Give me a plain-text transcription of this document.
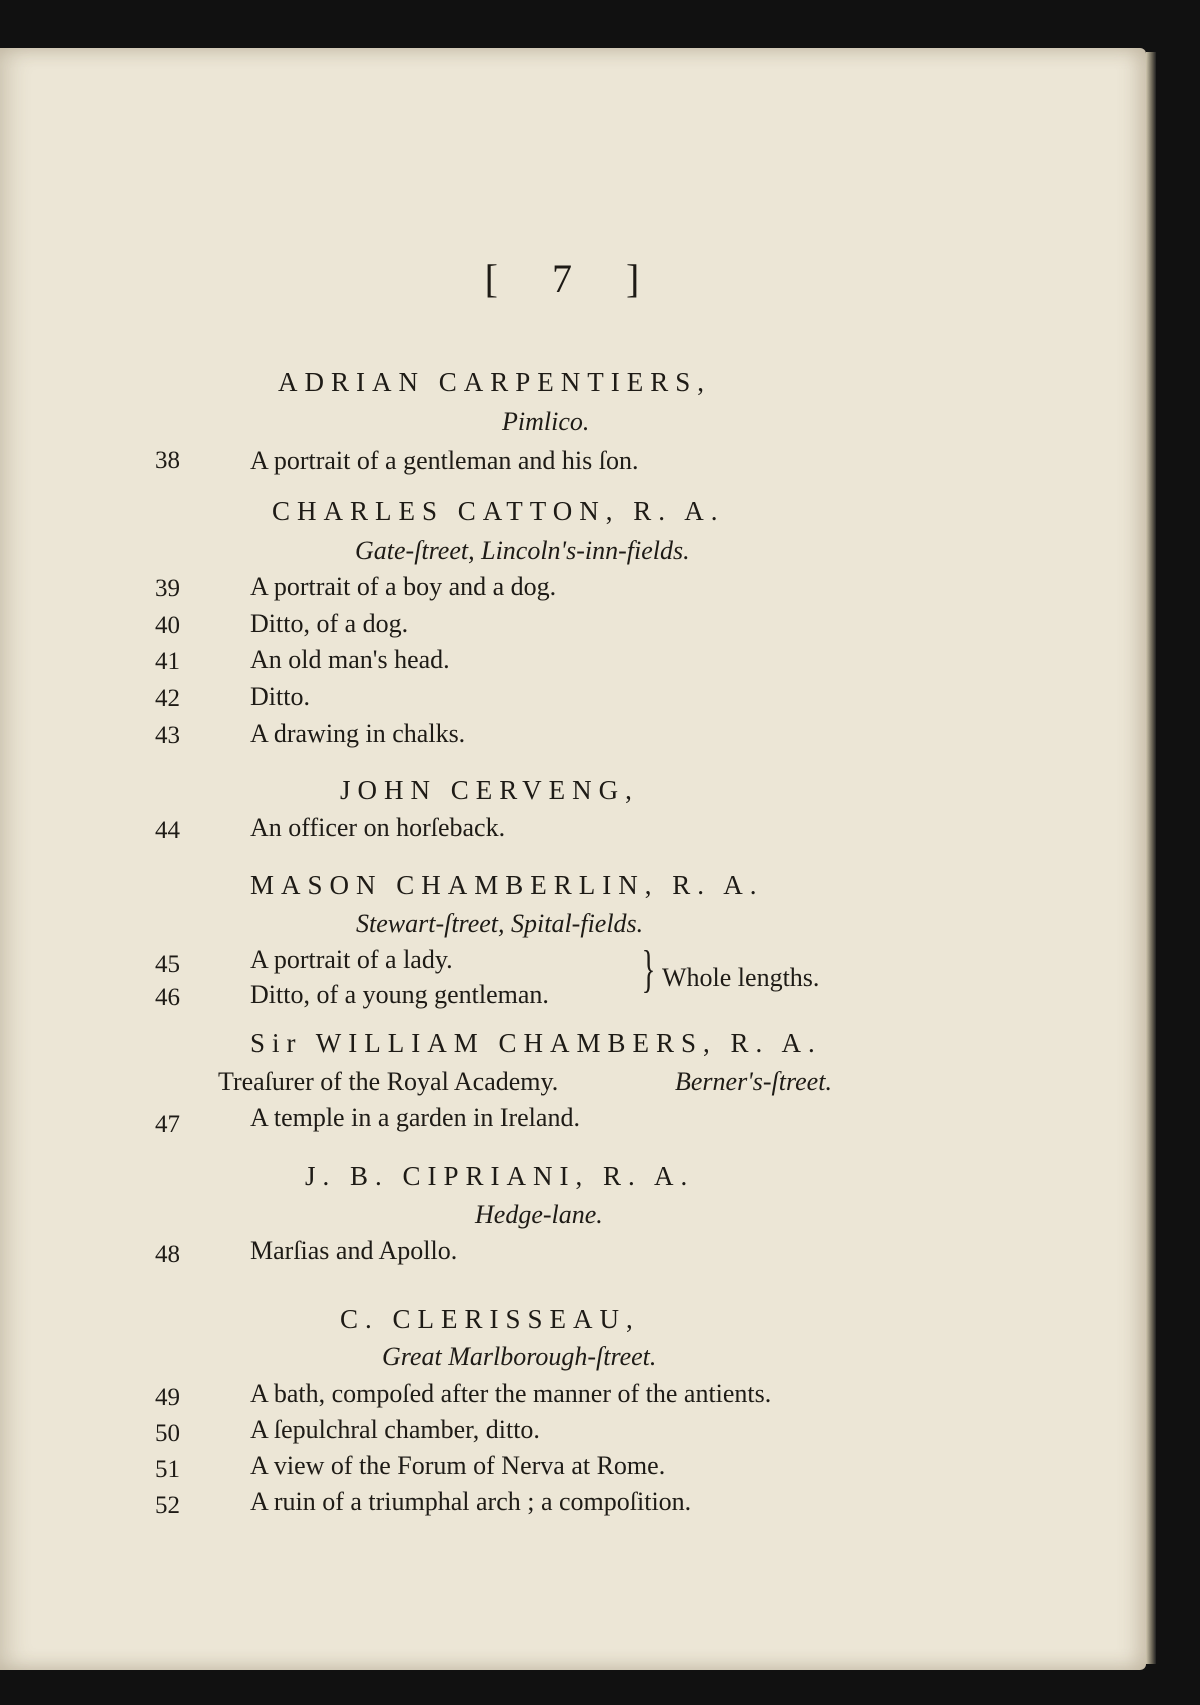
[ 7 ]
ADRIAN CARPENTIERS,
Pimlico.
38	A portrait of a gentleman and his ſon.
CHARLES CATTON, R. A.
Gate-ſtreet, Lincoln's-inn-fields.
39	A portrait of a boy and a dog.
40	Ditto, of a dog.
41	An old man's head.
42	Ditto.
43	A drawing in chalks.
JOHN CERVENG,
44	An officer on horſeback.
MASON CHAMBERLIN, R. A.
Stewart-ſtreet, Spital-fields.
45	A portrait of a lady.
46	Ditto, of a young gentleman. } Whole lengths.
Sir WILLIAM CHAMBERS, R. A.
Treaſurer of the Royal Academy.	Berner's-ſtreet.
47	A temple in a garden in Ireland.
J. B. CIPRIANI, R. A.
Hedge-lane.
48	Marſias and Apollo.
C. CLERISSEAU,
Great Marlborough-ſtreet.
49	A bath, compoſed after the manner of the antients.
50	A ſepulchral chamber, ditto.
51	A view of the Forum of Nerva at Rome.
52	A ruin of a triumphal arch ; a compoſition.
